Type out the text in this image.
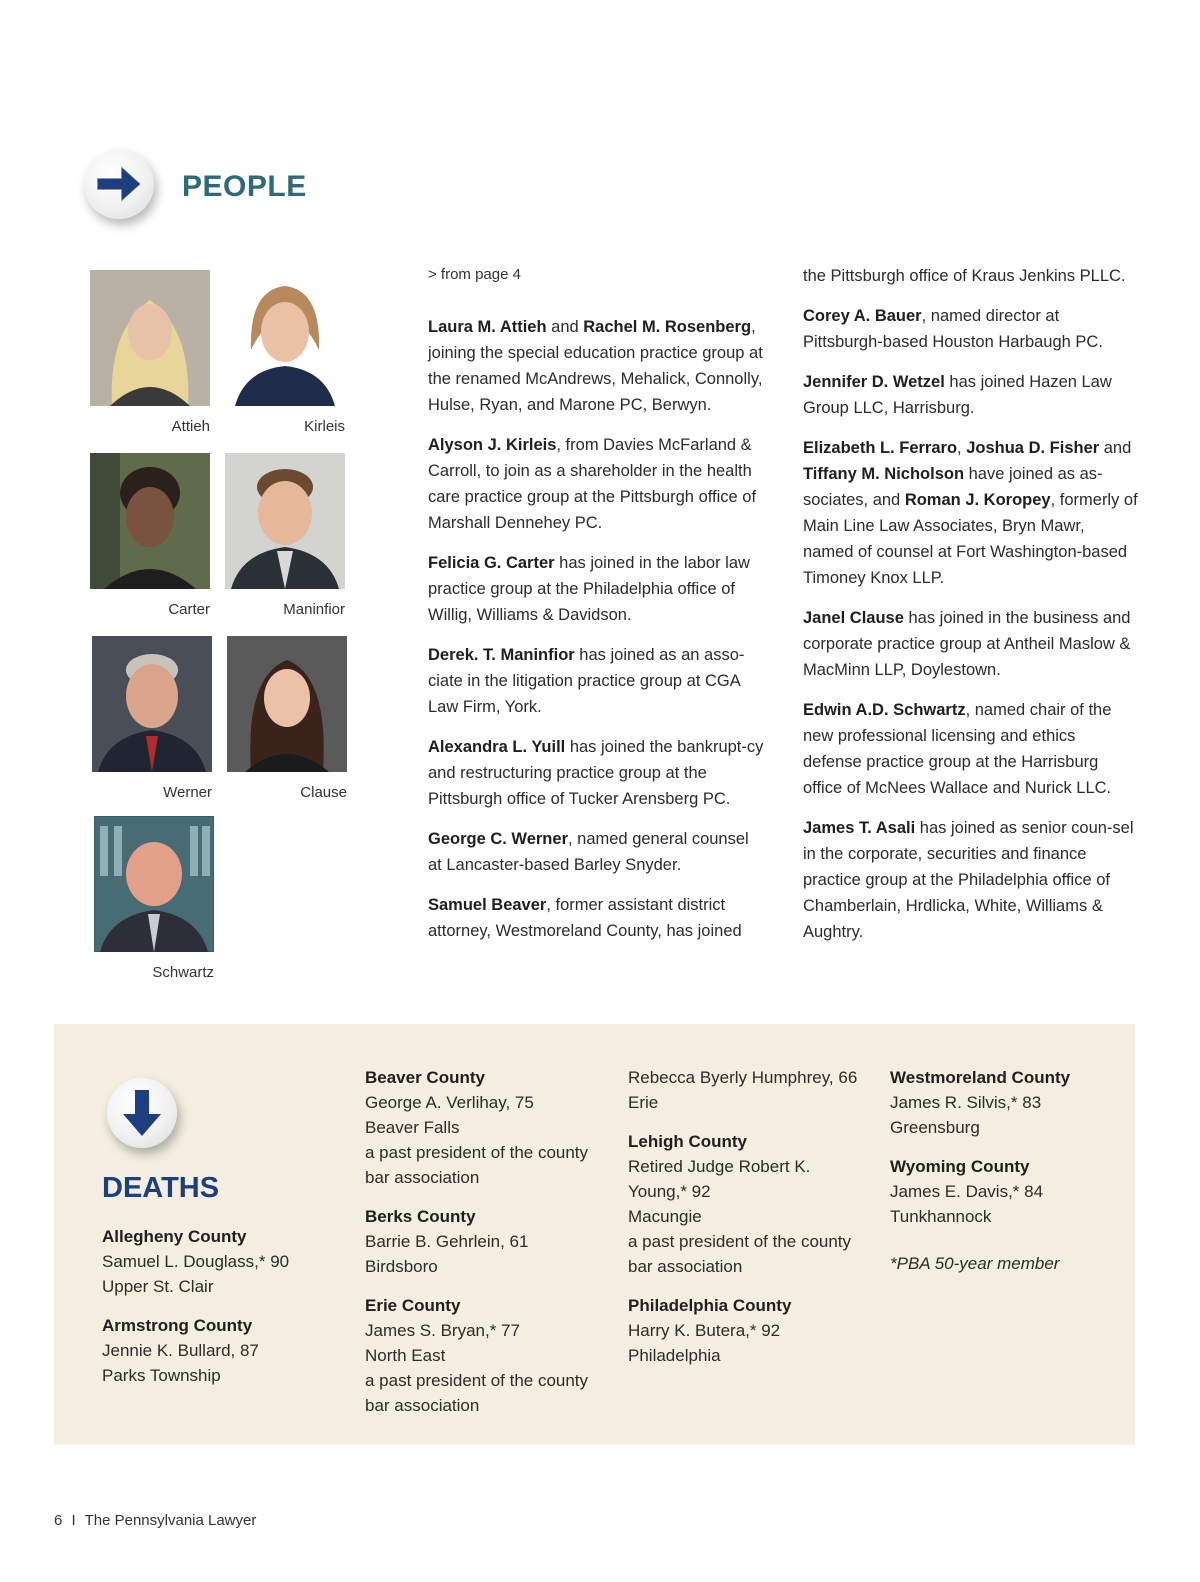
PEOPLE
Attieh	Kirleis
Carter	Maninfior
Werner	Clause
Schwartz
> from page 4

Laura M. Attieh and Rachel M. Rosenberg, joining the special education practice group at the renamed McAndrews, Mehalick, Connolly, Hulse, Ryan, and Marone PC, Berwyn.

Alyson J. Kirleis, from Davies McFarland & Carroll, to join as a shareholder in the health care practice group at the Pittsburgh office of Marshall Dennehey PC.

Felicia G. Carter has joined in the labor law practice group at the Philadelphia office of Willig, Williams & Davidson.

Derek. T. Maninfior has joined as an asso-ciate in the litigation practice group at CGA Law Firm, York.

Alexandra L. Yuill has joined the bankrupt-cy and restructuring practice group at the Pittsburgh office of Tucker Arensberg PC.

George C. Werner, named general counsel at Lancaster-based Barley Snyder.

Samuel Beaver, former assistant district attorney, Westmoreland County, has joined

the Pittsburgh office of Kraus Jenkins PLLC.

Corey A. Bauer, named director at Pittsburgh-based Houston Harbaugh PC.

Jennifer D. Wetzel has joined Hazen Law Group LLC, Harrisburg.

Elizabeth L. Ferraro, Joshua D. Fisher and Tiffany M. Nicholson have joined as as-sociates, and Roman J. Koropey, formerly of Main Line Law Associates, Bryn Mawr, named of counsel at Fort Washington-based Timoney Knox LLP.

Janel Clause has joined in the business and corporate practice group at Antheil Maslow & MacMinn LLP, Doylestown.

Edwin A.D. Schwartz, named chair of the new professional licensing and ethics defense practice group at the Harrisburg office of McNees Wallace and Nurick LLC.

James T. Asali has joined as senior coun-sel in the corporate, securities and finance practice group at the Philadelphia office of Chamberlain, Hrdlicka, White, Williams & Aughtry.

DEATHS
Allegheny County
Samuel L. Douglass,* 90
Upper St. Clair
Armstrong County
Jennie K. Bullard, 87
Parks Township
Beaver County
George A. Verlihay, 75
Beaver Falls
a past president of the county bar association
Berks County
Barrie B. Gehrlein, 61
Birdsboro
Erie County
James S. Bryan,* 77
North East
a past president of the county bar association
Rebecca Byerly Humphrey, 66
Erie
Lehigh County
Retired Judge Robert K. Young,* 92
Macungie
a past president of the county bar association
Philadelphia County
Harry K. Butera,* 92
Philadelphia
Westmoreland County
James R. Silvis,* 83
Greensburg
Wyoming County
James E. Davis,* 84
Tunkhannock
*PBA 50-year member
6 I The Pennsylvania Lawyer
